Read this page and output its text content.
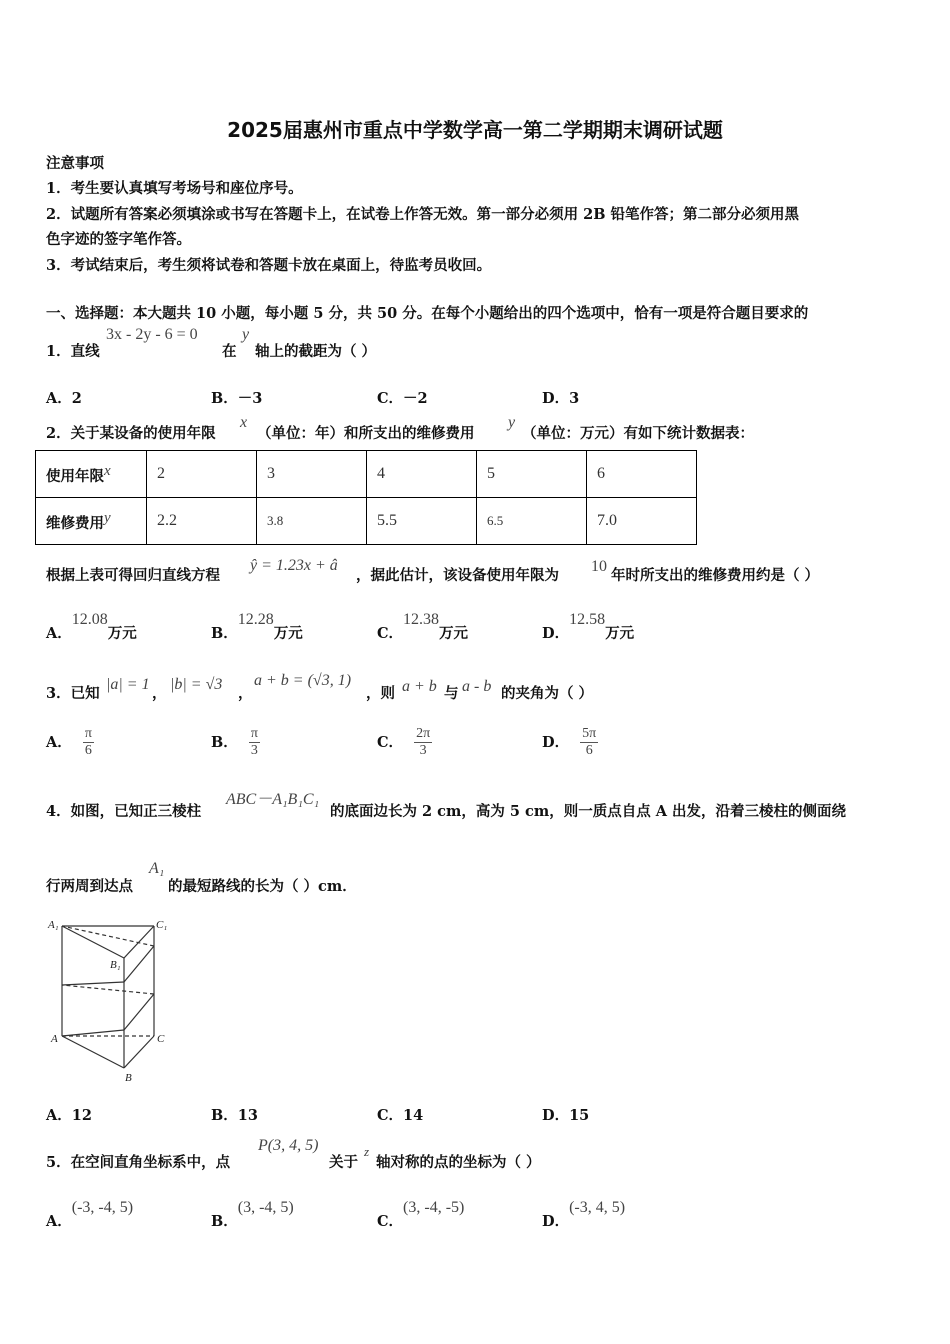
2025届惠州市重点中学数学高一第二学期期末调研试题
注意事项
1．考生要认真填写考场号和座位序号。
2．试题所有答案必须填涂或书写在答题卡上，在试卷上作答无效。第一部分必须用 2B 铅笔作答；第二部分必须用黑
色字迹的签字笔作答。
3．考试结束后，考生须将试卷和答题卡放在桌面上，待监考员收回。
一、选择题：本大题共 10 小题，每小题 5 分，共 50 分。在每个小题给出的四个选项中，恰有一项是符合题目要求的
1．直线
3x - 2y - 6 = 0
在
y
轴上的截距为（ ）
A．2	B．－3	C．－2	D．3
2．关于某设备的使用年限
x
（单位：年）和所支出的维修费用
y
（单位：万元）有如下统计数据表：
使用年限x	2	3	4	5	6
维修费用y	2.2	3.8	5.5	6.5	7.0
根据上表可得回归直线方程
ŷ = 1.23x + â
，据此估计，该设备使用年限为
10
年时所支出的维修费用约是（ ）
A．12.08万元	B．12.28万元	C．12.38万元	D．12.58万元
3．已知
|a| = 1
，
|b| = √3
，
a + b = (√3, 1)
，则 a + b 与 a - b 的夹角为（ ）
A． $\frac{\pi}{6}$	B． $\frac{\pi}{3}$	C． $\frac{2\pi}{3}$	D． $\frac{5\pi}{6}$
4．如图，已知正三棱柱
ABC－A₁B₁C₁
的底面边长为 2 cm，高为 5 cm，则一质点自点 A 出发，沿着三棱柱的侧面绕
行两周到达点
A₁
的最短路线的长为（ ）cm．
A₁	C₁
B₁
A	C
B
A．12	B．13	C．14	D．15
5．在空间直角坐标系中，点
P(3, 4, 5)
关于
z
轴对称的点的坐标为（ ）
A．(-3, -4, 5)
B．(3, -4, 5)
C．(3, -4, -5)
D．(-3, 4, 5)
